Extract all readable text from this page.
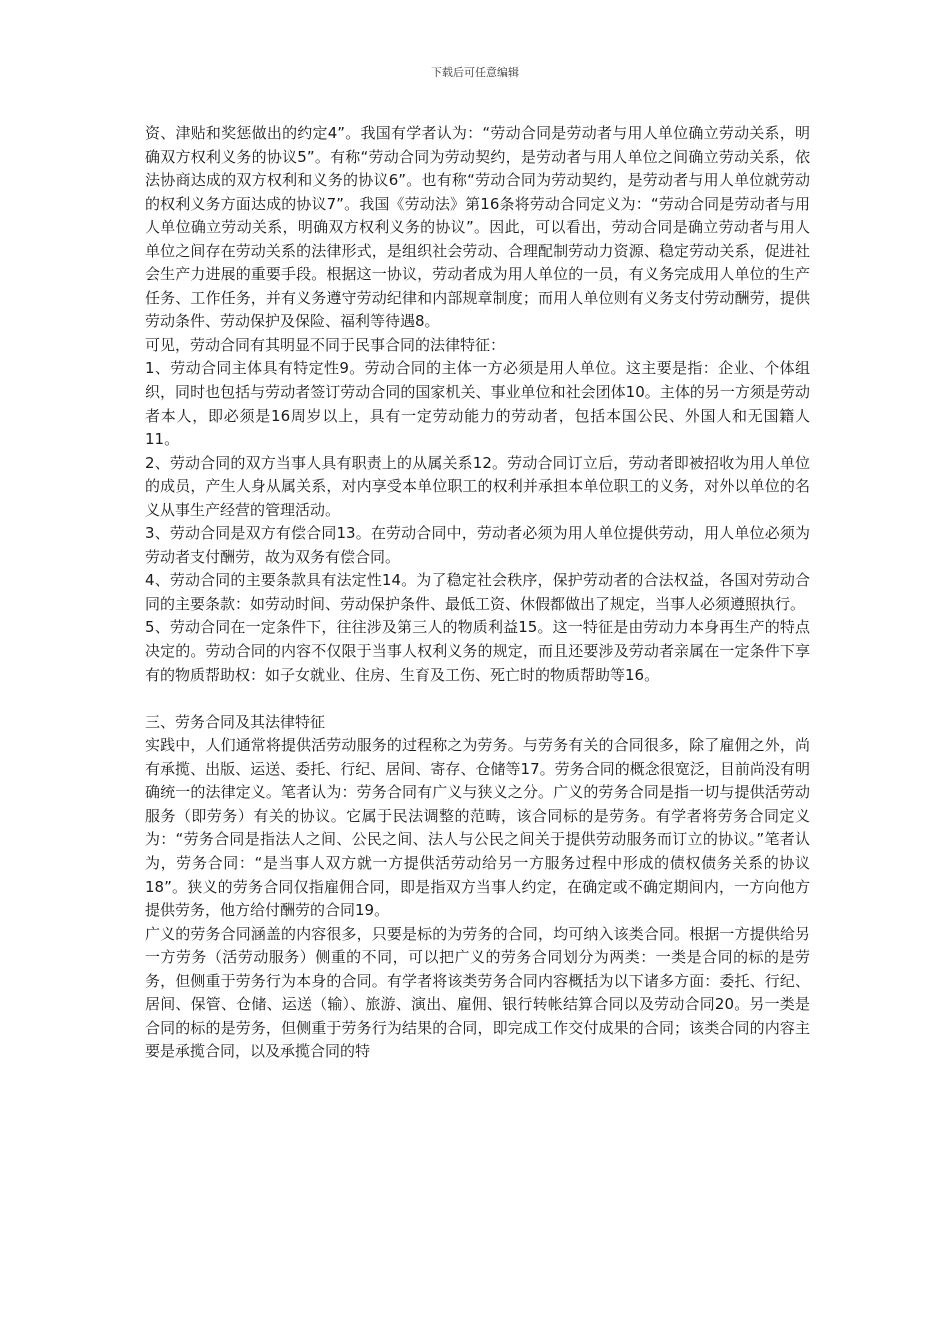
下载后可任意编辑

资、津贴和奖惩做出的约定4”。我国有学者认为：“劳动合同是劳动者与用人单位确立劳动关系，明确双方权利义务的协议5”。有称“劳动合同为劳动契约，是劳动者与用人单位之间确立劳动关系，依法协商达成的双方权利和义务的协议6”。也有称“劳动合同为劳动契约，是劳动者与用人单位就劳动的权利义务方面达成的协议7”。我国《劳动法》第16条将劳动合同定义为：“劳动合同是劳动者与用人单位确立劳动关系，明确双方权利义务的协议”。因此，可以看出，劳动合同是确立劳动者与用人单位之间存在劳动关系的法律形式，是组织社会劳动、合理配制劳动力资源、稳定劳动关系，促进社会生产力进展的重要手段。根据这一协议，劳动者成为用人单位的一员，有义务完成用人单位的生产任务、工作任务，并有义务遵守劳动纪律和内部规章制度；而用人单位则有义务支付劳动酬劳，提供劳动条件、劳动保护及保险、福利等待遇8。

可见，劳动合同有其明显不同于民事合同的法律特征：

1、劳动合同主体具有特定性9。劳动合同的主体一方必须是用人单位。这主要是指：企业、个体组织，同时也包括与劳动者签订劳动合同的国家机关、事业单位和社会团体10。主体的另一方须是劳动者本人，即必须是16周岁以上，具有一定劳动能力的劳动者，包括本国公民、外国人和无国籍人11。

2、劳动合同的双方当事人具有职责上的从属关系12。劳动合同订立后，劳动者即被招收为用人单位的成员，产生人身从属关系，对内享受本单位职工的权利并承担本单位职工的义务，对外以单位的名义从事生产经营的管理活动。

3、劳动合同是双方有偿合同13。在劳动合同中，劳动者必须为用人单位提供劳动，用人单位必须为劳动者支付酬劳，故为双务有偿合同。

4、劳动合同的主要条款具有法定性14。为了稳定社会秩序，保护劳动者的合法权益，各国对劳动合同的主要条款：如劳动时间、劳动保护条件、最低工资、休假都做出了规定，当事人必须遵照执行。

5、劳动合同在一定条件下，往往涉及第三人的物质利益15。这一特征是由劳动力本身再生产的特点决定的。劳动合同的内容不仅限于当事人权利义务的规定，而且还要涉及劳动者亲属在一定条件下享有的物质帮助权：如子女就业、住房、生育及工伤、死亡时的物质帮助等16。

三、劳务合同及其法律特征

实践中，人们通常将提供活劳动服务的过程称之为劳务。与劳务有关的合同很多，除了雇佣之外，尚有承揽、出版、运送、委托、行纪、居间、寄存、仓储等17。劳务合同的概念很宽泛，目前尚没有明确统一的法律定义。笔者认为：劳务合同有广义与狭义之分。广义的劳务合同是指一切与提供活劳动服务（即劳务）有关的协议。它属于民法调整的范畴，该合同标的是劳务。有学者将劳务合同定义为：“劳务合同是指法人之间、公民之间、法人与公民之间关于提供劳动服务而订立的协议。”笔者认为，劳务合同：“是当事人双方就一方提供活劳动给另一方服务过程中形成的债权债务关系的协议18”。狭义的劳务合同仅指雇佣合同，即是指双方当事人约定，在确定或不确定期间内，一方向他方提供劳务，他方给付酬劳的合同19。

广义的劳务合同涵盖的内容很多，只要是标的为劳务的合同，均可纳入该类合同。根据一方提供给另一方劳务（活劳动服务）侧重的不同，可以把广义的劳务合同划分为两类：一类是合同的标的是劳务，但侧重于劳务行为本身的合同。有学者将该类劳务合同内容概括为以下诸多方面：委托、行纪、居间、保管、仓储、运送（输）、旅游、演出、雇佣、银行转帐结算合同以及劳动合同20。另一类是合同的标的是劳务，但侧重于劳务行为结果的合同，即完成工作交付成果的合同；该类合同的内容主要是承揽合同，以及承揽合同的特
